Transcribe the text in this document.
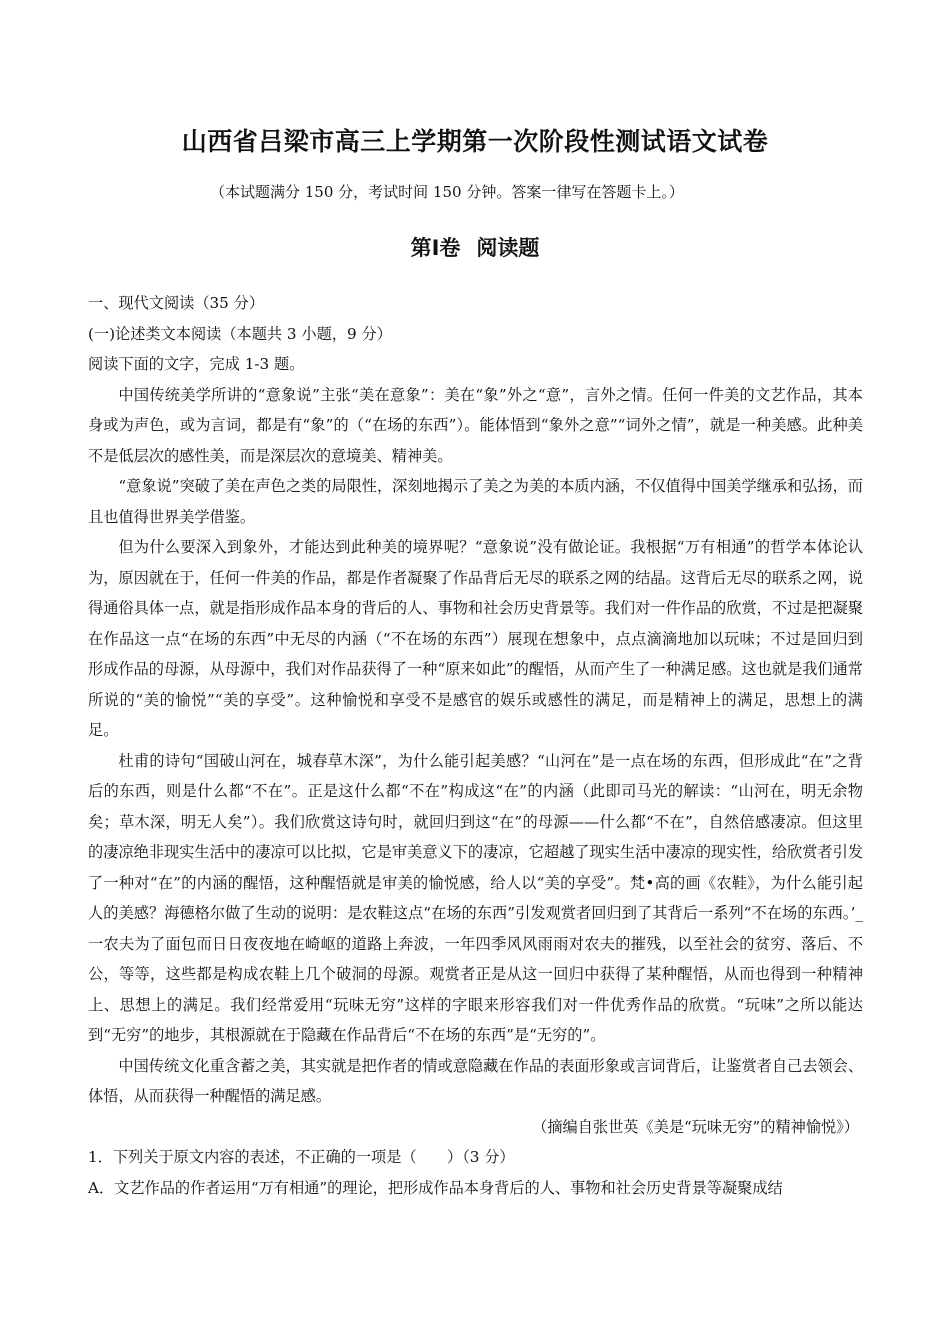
山西省吕梁市高三上学期第一次阶段性测试语文试卷
（本试题满分 150 分，考试时间 150 分钟。答案一律写在答题卡上。）
第Ⅰ卷 阅读题

一、现代文阅读（35 分）

(一)论述类文本阅读（本题共 3 小题，9 分）

阅读下面的文字，完成 1-3 题。

中国传统美学所讲的“意象说”主张“美在意象”：美在“象”外之“意”，言外之情。任何一件美的文艺作品，其本身或为声色，或为言词，都是有“象”的（“在场的东西”）。能体悟到“象外之意”“词外之情”，就是一种美感。此种美不是低层次的感性美，而是深层次的意境美、精神美。

“意象说”突破了美在声色之类的局限性，深刻地揭示了美之为美的本质内涵，不仅值得中国美学继承和弘扬，而且也值得世界美学借鉴。

但为什么要深入到象外，才能达到此种美的境界呢？“意象说”没有做论证。我根据“万有相通”的哲学本体论认为，原因就在于，任何一件美的作品，都是作者凝聚了作品背后无尽的联系之网的结晶。这背后无尽的联系之网，说得通俗具体一点，就是指形成作品本身的背后的人、事物和社会历史背景等。我们对一件作品的欣赏，不过是把凝聚在作品这一点“在场的东西”中无尽的内涵（“不在场的东西”）展现在想象中，点点滴滴地加以玩味；不过是回归到形成作品的母源，从母源中，我们对作品获得了一种“原来如此”的醒悟，从而产生了一种满足感。这也就是我们通常所说的“美的愉悦”“美的享受”。这种愉悦和享受不是感官的娱乐或感性的满足，而是精神上的满足，思想上的满足。

杜甫的诗句“国破山河在，城春草木深”，为什么能引起美感？“山河在”是一点在场的东西，但形成此“在”之背后的东西，则是什么都“不在”。正是这什么都“不在”构成这“在”的内涵（此即司马光的解读：“山河在，明无余物矣；草木深，明无人矣”）。我们欣赏这诗句时，就回归到这“在”的母源——什么都“不在”，自然倍感凄凉。但这里的凄凉绝非现实生活中的凄凉可以比拟，它是审美意义下的凄凉，它超越了现实生活中凄凉的现实性，给欣赏者引发了一种对“在”的内涵的醒悟，这种醒悟就是审美的愉悦感，给人以“美的享受”。梵•高的画《农鞋》，为什么能引起人的美感？海德格尔做了生动的说明：是农鞋这点“在场的东西”引发观赏者回归到了其背后一系列“不在场的东西。’_一农夫为了面包而日日夜夜地在崎岖的道路上奔波，一年四季风风雨雨对农夫的摧残，以至社会的贫穷、落后、不公，等等，这些都是构成农鞋上几个破洞的母源。观赏者正是从这一回归中获得了某种醒悟，从而也得到一种精神上、思想上的满足。我们经常爱用“玩味无穷”这样的字眼来形容我们对一件优秀作品的欣赏。“玩味”之所以能达到“无穷”的地步，其根源就在于隐藏在作品背后“不在场的东西”是“无穷的”。

中国传统文化重含蓄之美，其实就是把作者的情或意隐藏在作品的表面形象或言词背后，让鉴赏者自己去领会、体悟，从而获得一种醒悟的满足感。

（摘编自张世英《美是“玩味无穷”的精神愉悦》）

1．下列关于原文内容的表述，不正确的一项是（　　）（3 分）

A．文艺作品的作者运用“万有相通”的理论，把形成作品本身背后的人、事物和社会历史背景等凝聚成结
